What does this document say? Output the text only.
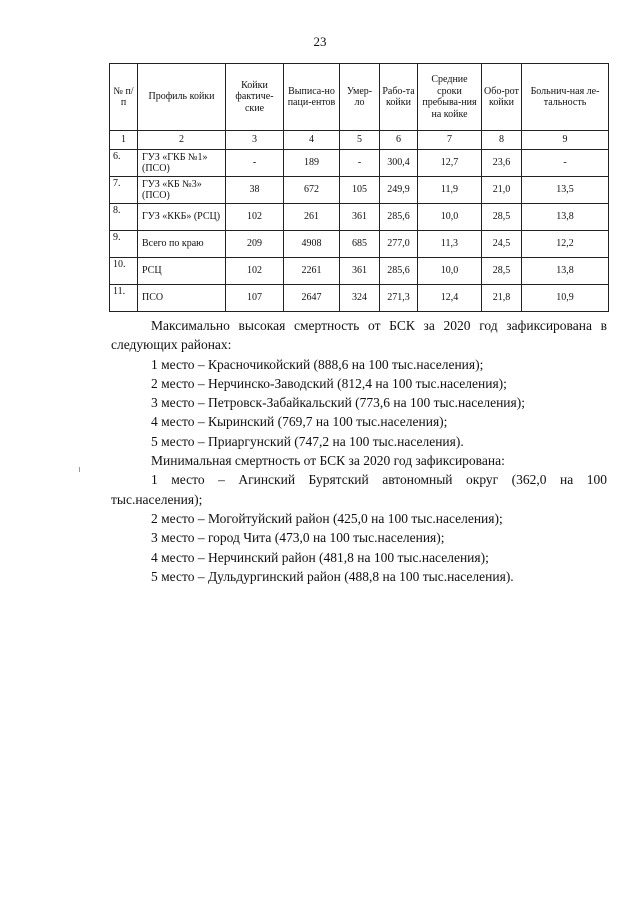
23
№ п/п	Профиль койки	Койки фактиче-ские	Выписа-но паци-ентов	Умер-ло	Рабо-та койки	Средние сроки пребыва-ния на койке	Обо-рот койки	Больнич-ная ле-тальность
1	2	3	4	5	6	7	8	9
6.	ГУЗ «ГКБ №1» (ПСО)	-	189	-	300,4	12,7	23,6	-
7.	ГУЗ «КБ №3» (ПСО)	38	672	105	249,9	11,9	21,0	13,5
8.	ГУЗ «ККБ» (РСЦ)	102	261	361	285,6	10,0	28,5	13,8
9.	Всего по краю	209	4908	685	277,0	11,3	24,5	12,2
10.	РСЦ	102	2261	361	285,6	10,0	28,5	13,8
11.	ПСО	107	2647	324	271,3	12,4	21,8	10,9

Максимально высокая смертность от БСК за 2020 год зафиксирована в

следующих районах:

1 место – Красночикойский (888,6 на 100 тыс.населения);

2 место – Нерчинско-Заводский (812,4 на 100 тыс.населения);

3 место – Петровск-Забайкальский (773,6 на 100 тыс.населения);

4 место – Кыринский (769,7 на 100 тыс.населения);

5 место – Приаргунский (747,2 на 100 тыс.населения).

Минимальная смертность от БСК за 2020 год зафиксирована:

1 место – Агинский Бурятский автономный округ (362,0 на 100

тыс.населения);

2 место – Могойтуйский район (425,0 на 100 тыс.населения);

3 место – город Чита (473,0 на 100 тыс.населения);

4 место – Нерчинский район (481,8 на 100 тыс.населения);

5 место – Дульдургинский район (488,8 на 100 тыс.населения).
